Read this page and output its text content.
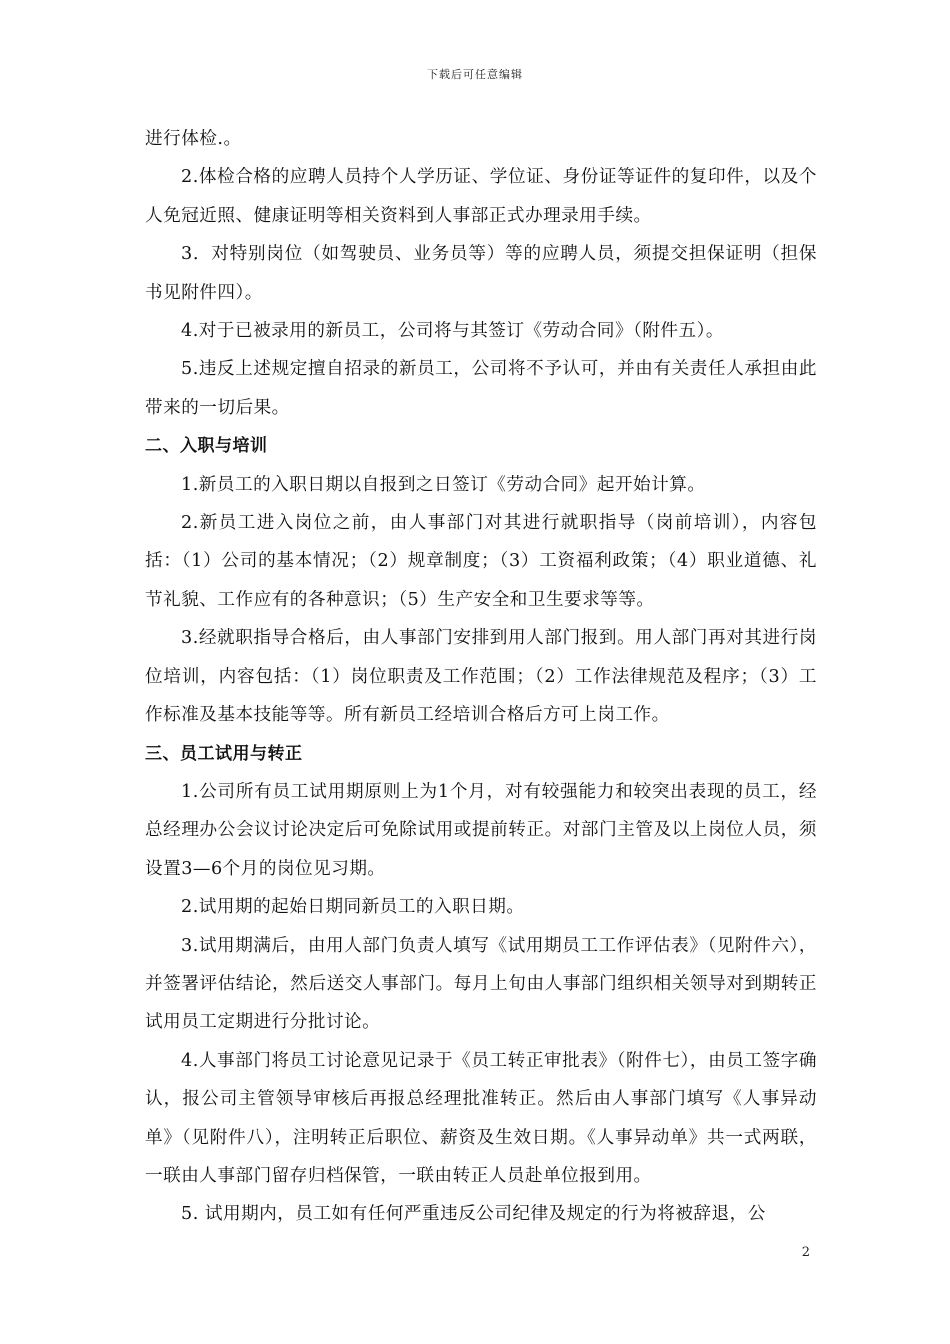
下载后可任意编辑

进行体检.。

2.体检合格的应聘人员持个人学历证、学位证、身份证等证件的复印件，以及个人免冠近照、健康证明等相关资料到人事部正式办理录用手续。

3．对特别岗位（如驾驶员、业务员等）等的应聘人员，须提交担保证明（担保书见附件四）。

4.对于已被录用的新员工，公司将与其签订《劳动合同》（附件五）。

5.违反上述规定擅自招录的新员工，公司将不予认可，并由有关责任人承担由此带来的一切后果。

二、入职与培训

1.新员工的入职日期以自报到之日签订《劳动合同》起开始计算。

2.新员工进入岗位之前，由人事部门对其进行就职指导（岗前培训），内容包括：（1）公司的基本情况；（2）规章制度；（3）工资福利政策；（4）职业道德、礼节礼貌、工作应有的各种意识；（5）生产安全和卫生要求等等。

3.经就职指导合格后，由人事部门安排到用人部门报到。用人部门再对其进行岗位培训，内容包括：（1）岗位职责及工作范围；（2）工作法律规范及程序；（3）工作标准及基本技能等等。所有新员工经培训合格后方可上岗工作。

三、员工试用与转正

1.公司所有员工试用期原则上为1个月，对有较强能力和较突出表现的员工，经总经理办公会议讨论决定后可免除试用或提前转正。对部门主管及以上岗位人员，须设置3—6个月的岗位见习期。

2.试用期的起始日期同新员工的入职日期。

3.试用期满后，由用人部门负责人填写《试用期员工工作评估表》（见附件六），并签署评估结论，然后送交人事部门。每月上旬由人事部门组织相关领导对到期转正试用员工定期进行分批讨论。

4.人事部门将员工讨论意见记录于《员工转正审批表》（附件七），由员工签字确认，报公司主管领导审核后再报总经理批准转正。然后由人事部门填写《人事异动单》（见附件八），注明转正后职位、薪资及生效日期。《人事异动单》共一式两联，一联由人事部门留存归档保管，一联由转正人员赴单位报到用。

5. 试用期内，员工如有任何严重违反公司纪律及规定的行为将被辞退，公

2
